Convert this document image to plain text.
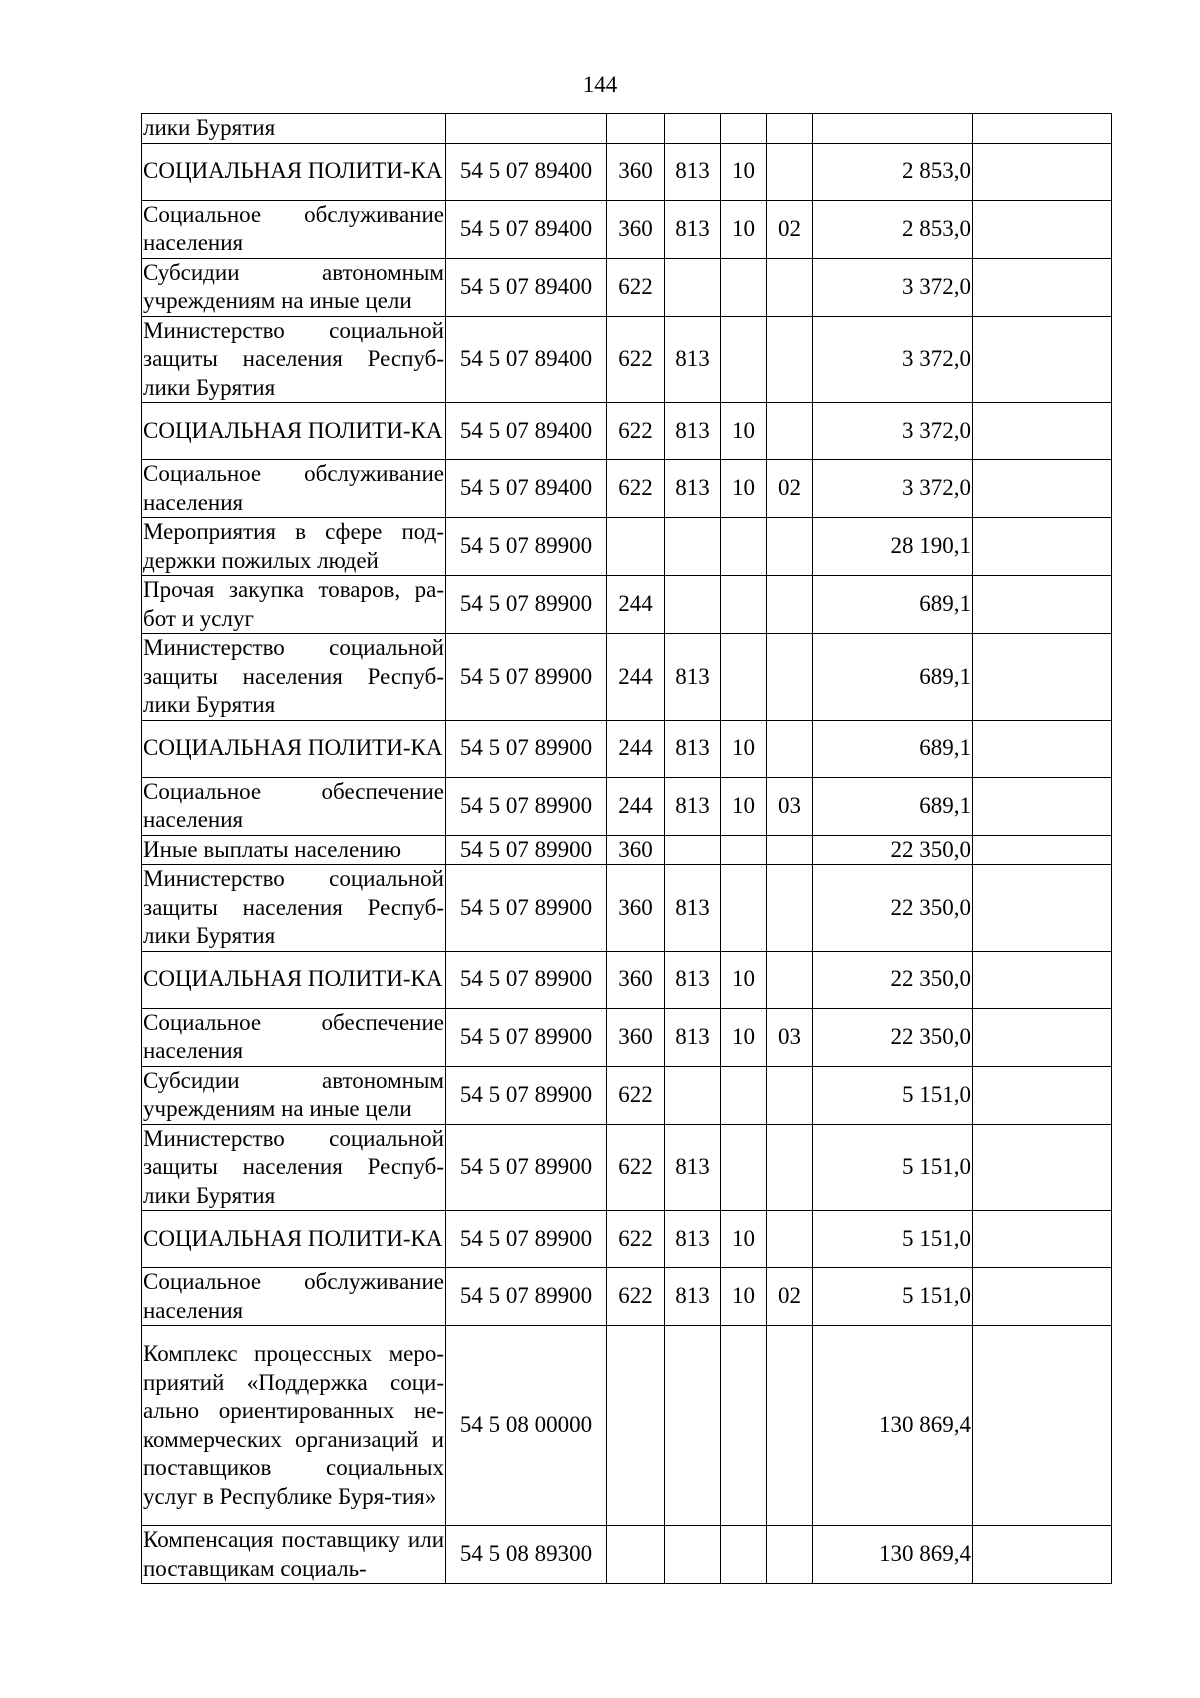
144
лики Бурятия							
СОЦИАЛЬНАЯ ПОЛИТИ-КА	54 5 07 89400	360	813	10		2 853,0	
Социальное обслуживание населения	54 5 07 89400	360	813	10	02	2 853,0	
Субсидии автономным учреждениям на иные цели	54 5 07 89400	622				3 372,0	
Министерство социальной защиты населения Респуб-лики Бурятия	54 5 07 89400	622	813			3 372,0	
СОЦИАЛЬНАЯ ПОЛИТИ-КА	54 5 07 89400	622	813	10		3 372,0	
Социальное обслуживание населения	54 5 07 89400	622	813	10	02	3 372,0	
Мероприятия в сфере под-держки пожилых людей	54 5 07 89900					28 190,1	
Прочая закупка товаров, ра-бот и услуг	54 5 07 89900	244				689,1	
Министерство социальной защиты населения Респуб-лики Бурятия	54 5 07 89900	244	813			689,1	
СОЦИАЛЬНАЯ ПОЛИТИ-КА	54 5 07 89900	244	813	10		689,1	
Социальное обеспечение населения	54 5 07 89900	244	813	10	03	689,1	
Иные выплаты населению	54 5 07 89900	360				22 350,0	
Министерство социальной защиты населения Респуб-лики Бурятия	54 5 07 89900	360	813			22 350,0	
СОЦИАЛЬНАЯ ПОЛИТИ-КА	54 5 07 89900	360	813	10		22 350,0	
Социальное обеспечение населения	54 5 07 89900	360	813	10	03	22 350,0	
Субсидии автономным учреждениям на иные цели	54 5 07 89900	622				5 151,0	
Министерство социальной защиты населения Респуб-лики Бурятия	54 5 07 89900	622	813			5 151,0	
СОЦИАЛЬНАЯ ПОЛИТИ-КА	54 5 07 89900	622	813	10		5 151,0	
Социальное обслуживание населения	54 5 07 89900	622	813	10	02	5 151,0	
Комплекс процессных меро-приятий «Поддержка соци-ально ориентированных не-коммерческих организаций и поставщиков социальных услуг в Республике Буря-тия»	54 5 08 00000					130 869,4	
Компенсация поставщику или поставщикам социаль-	54 5 08 89300					130 869,4	
